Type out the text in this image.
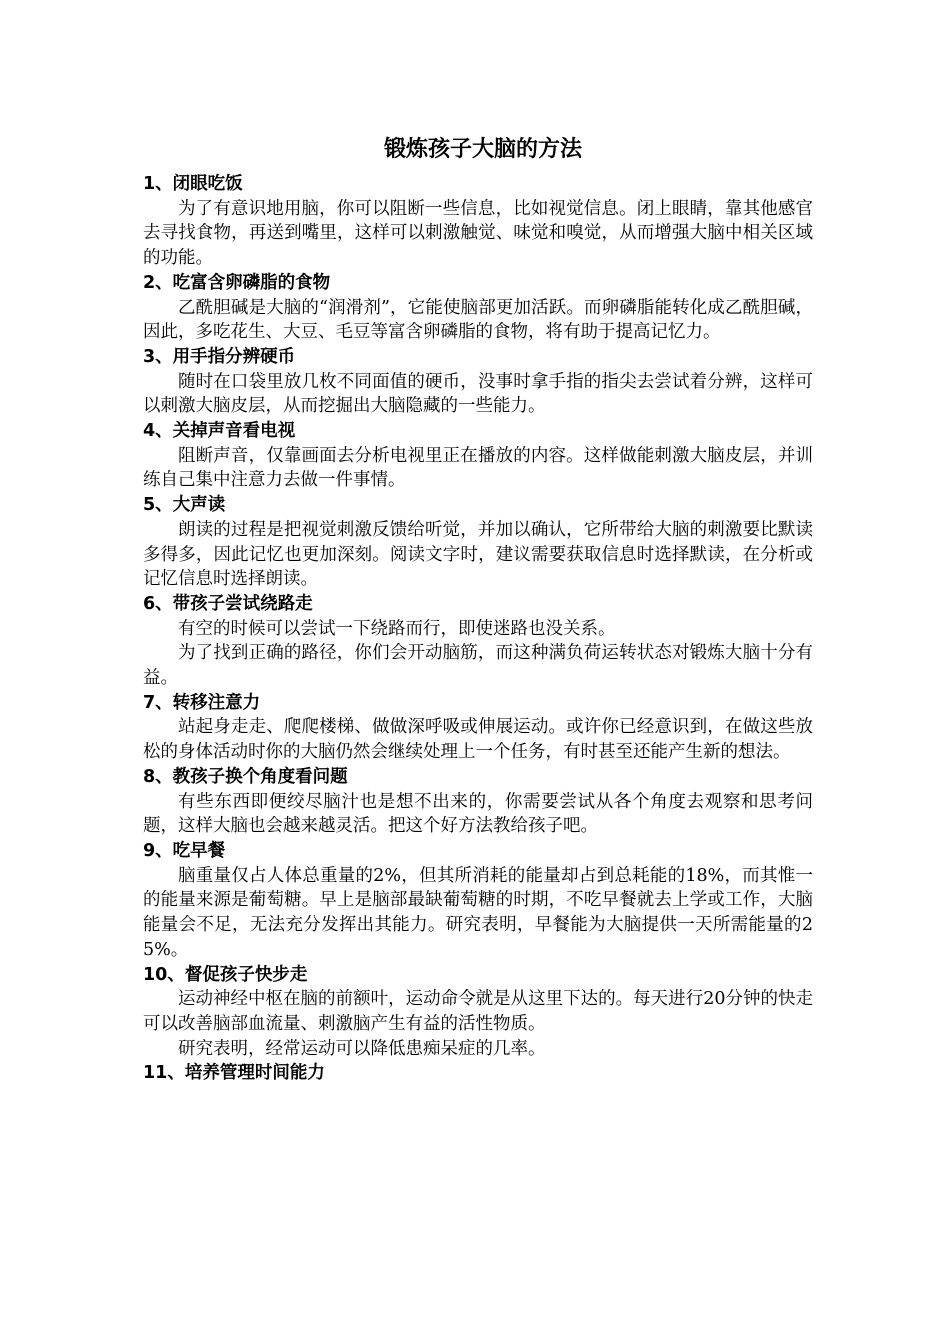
锻炼孩子大脑的方法
1、闭眼吃饭

为了有意识地用脑，你可以阻断一些信息，比如视觉信息。闭上眼睛，靠其他感官去寻找食物，再送到嘴里，这样可以刺激触觉、味觉和嗅觉，从而增强大脑中相关区域的功能。

2、吃富含卵磷脂的食物

乙酰胆碱是大脑的“润滑剂”，它能使脑部更加活跃。而卵磷脂能转化成乙酰胆碱，因此，多吃花生、大豆、毛豆等富含卵磷脂的食物，将有助于提高记忆力。

3、用手指分辨硬币

随时在口袋里放几枚不同面值的硬币，没事时拿手指的指尖去尝试着分辨，这样可以刺激大脑皮层，从而挖掘出大脑隐藏的一些能力。

4、关掉声音看电视

阻断声音，仅靠画面去分析电视里正在播放的内容。这样做能刺激大脑皮层，并训练自己集中注意力去做一件事情。

5、大声读

朗读的过程是把视觉刺激反馈给听觉，并加以确认，它所带给大脑的刺激要比默读多得多，因此记忆也更加深刻。阅读文字时，建议需要获取信息时选择默读，在分析或记忆信息时选择朗读。

6、带孩子尝试绕路走

有空的时候可以尝试一下绕路而行，即使迷路也没关系。

为了找到正确的路径，你们会开动脑筋，而这种满负荷运转状态对锻炼大脑十分有益。

7、转移注意力

站起身走走、爬爬楼梯、做做深呼吸或伸展运动。或许你已经意识到，在做这些放松的身体活动时你的大脑仍然会继续处理上一个任务，有时甚至还能产生新的想法。

8、教孩子换个角度看问题

有些东西即便绞尽脑汁也是想不出来的，你需要尝试从各个角度去观察和思考问题，这样大脑也会越来越灵活。把这个好方法教给孩子吧。

9、吃早餐

脑重量仅占人体总重量的2%，但其所消耗的能量却占到总耗能的18%，而其惟一的能量来源是葡萄糖。早上是脑部最缺葡萄糖的时期，不吃早餐就去上学或工作，大脑能量会不足，无法充分发挥出其能力。研究表明，早餐能为大脑提供一天所需能量的25%。

10、督促孩子快步走

运动神经中枢在脑的前额叶，运动命令就是从这里下达的。每天进行20分钟的快走可以改善脑部血流量、刺激脑产生有益的活性物质。

研究表明，经常运动可以降低患痴呆症的几率。

11、培养管理时间能力
